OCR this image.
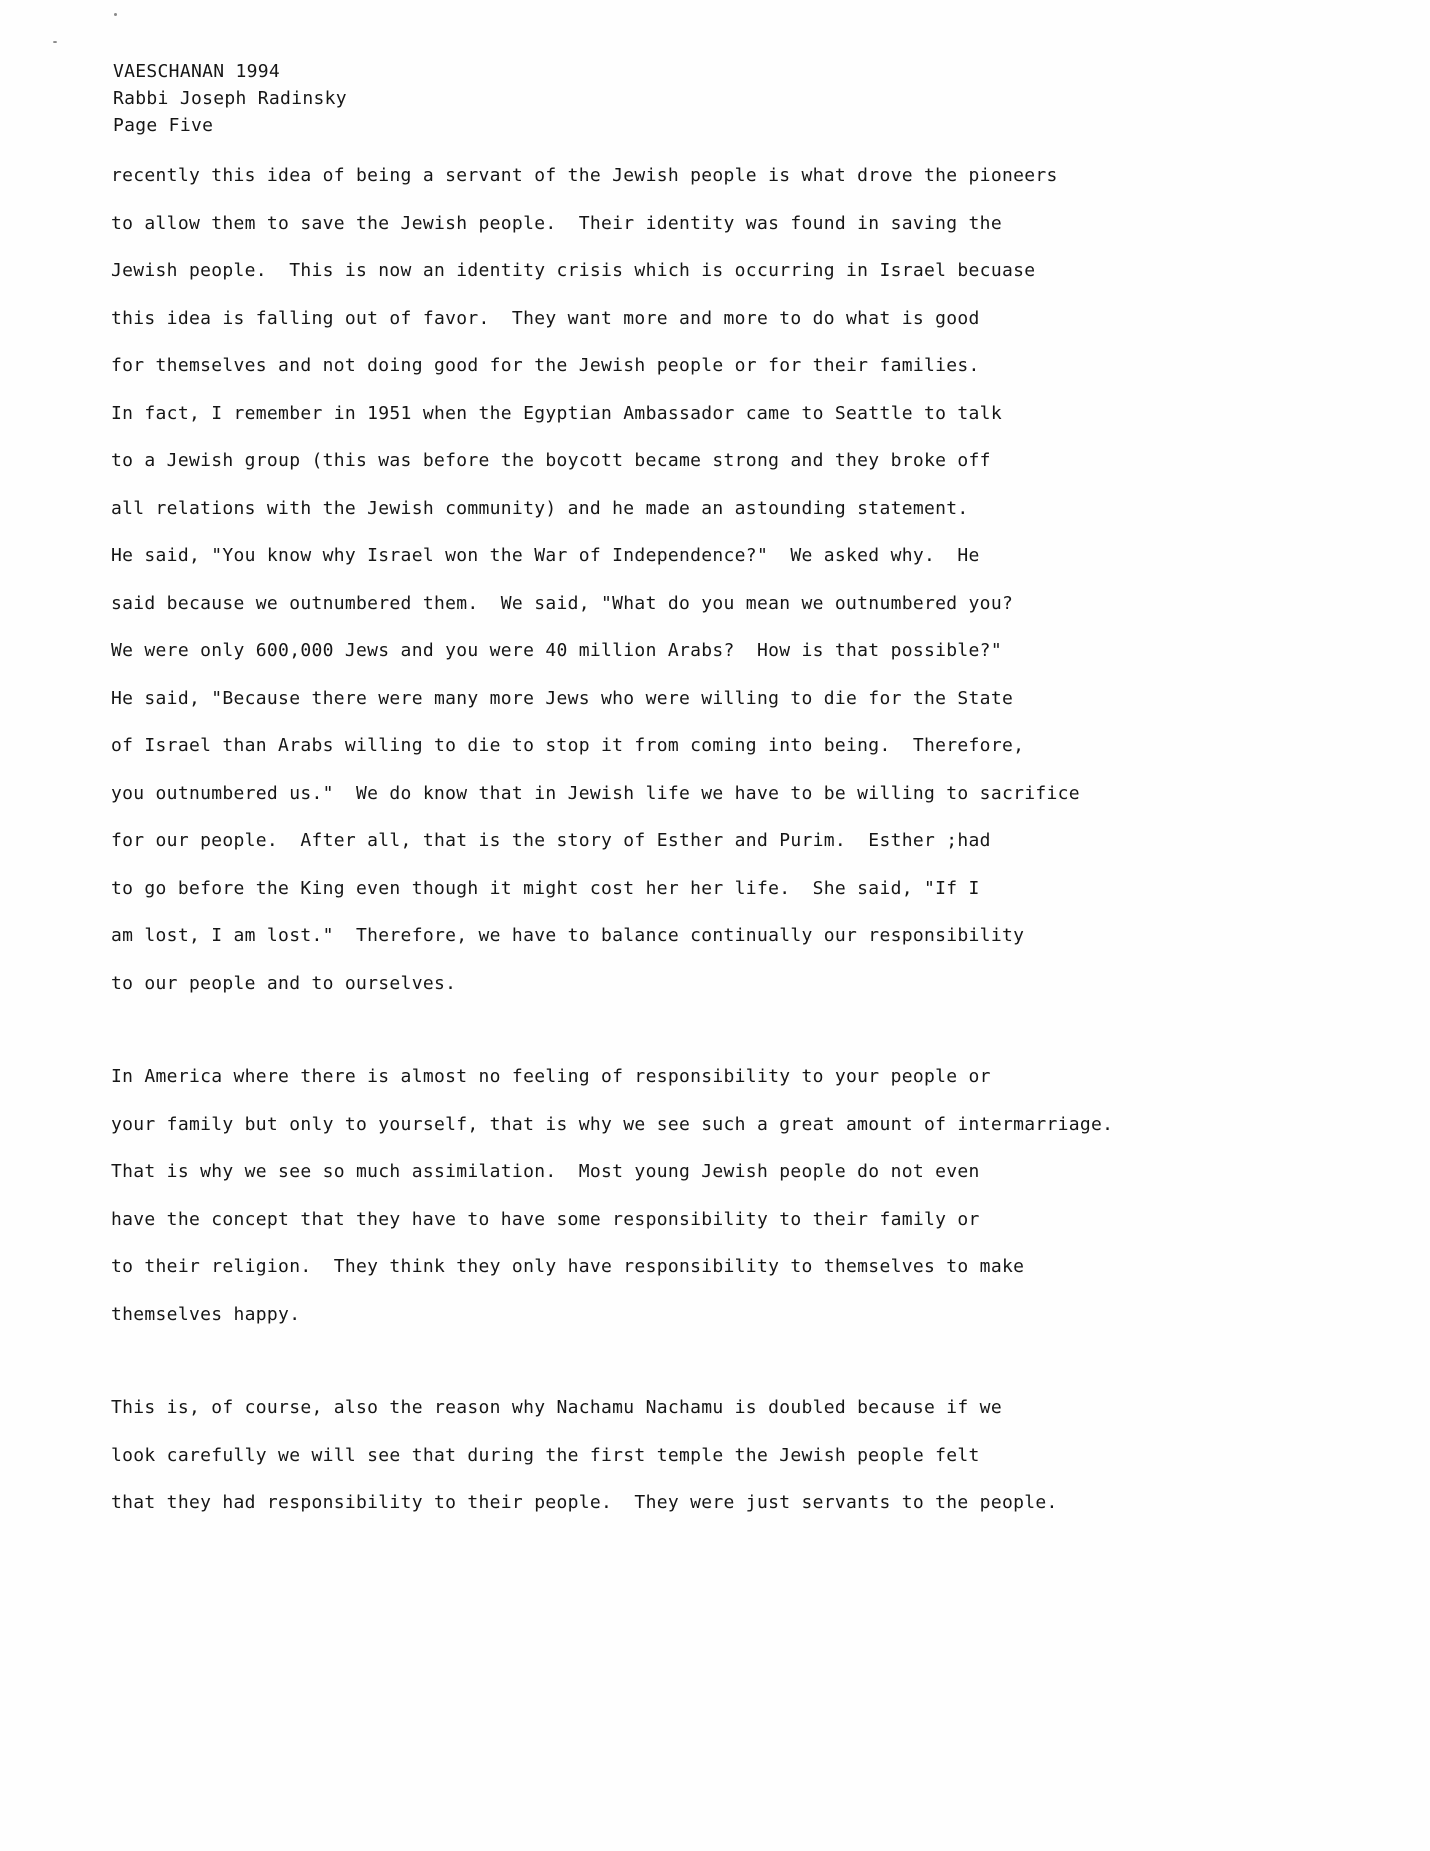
VAESCHANAN 1994
Rabbi Joseph Radinsky
Page Five
recently this idea of being a servant of the Jewish people is what drove the pioneers
to allow them to save the Jewish people.  Their identity was found in saving the
Jewish people.  This is now an identity crisis which is occurring in Israel becuase
this idea is falling out of favor.  They want more and more to do what is good
for themselves and not doing good for the Jewish people or for their families.
In fact, I remember in 1951 when the Egyptian Ambassador came to Seattle to talk
to a Jewish group (this was before the boycott became strong and they broke off
all relations with the Jewish community) and he made an astounding statement.
He said, "You know why Israel won the War of Independence?"  We asked why.  He
said because we outnumbered them.  We said, "What do you mean we outnumbered you?
We were only 600,000 Jews and you were 40 million Arabs?  How is that possible?"
He said, "Because there were many more Jews who were willing to die for the State
of Israel than Arabs willing to die to stop it from coming into being.  Therefore,
you outnumbered us."  We do know that in Jewish life we have to be willing to sacrifice
for our people.  After all, that is the story of Esther and Purim.  Esther ;had
to go before the King even though it might cost her her life.  She said, "If I
am lost, I am lost."  Therefore, we have to balance continually our responsibility
to our people and to ourselves.
In America where there is almost no feeling of responsibility to your people or
your family but only to yourself, that is why we see such a great amount of intermarriage.
That is why we see so much assimilation.  Most young Jewish people do not even
have the concept that they have to have some responsibility to their family or
to their religion.  They think they only have responsibility to themselves to make
themselves happy.
This is, of course, also the reason why Nachamu Nachamu is doubled because if we
look carefully we will see that during the first temple the Jewish people felt
that they had responsibility to their people.  They were just servants to the people.
